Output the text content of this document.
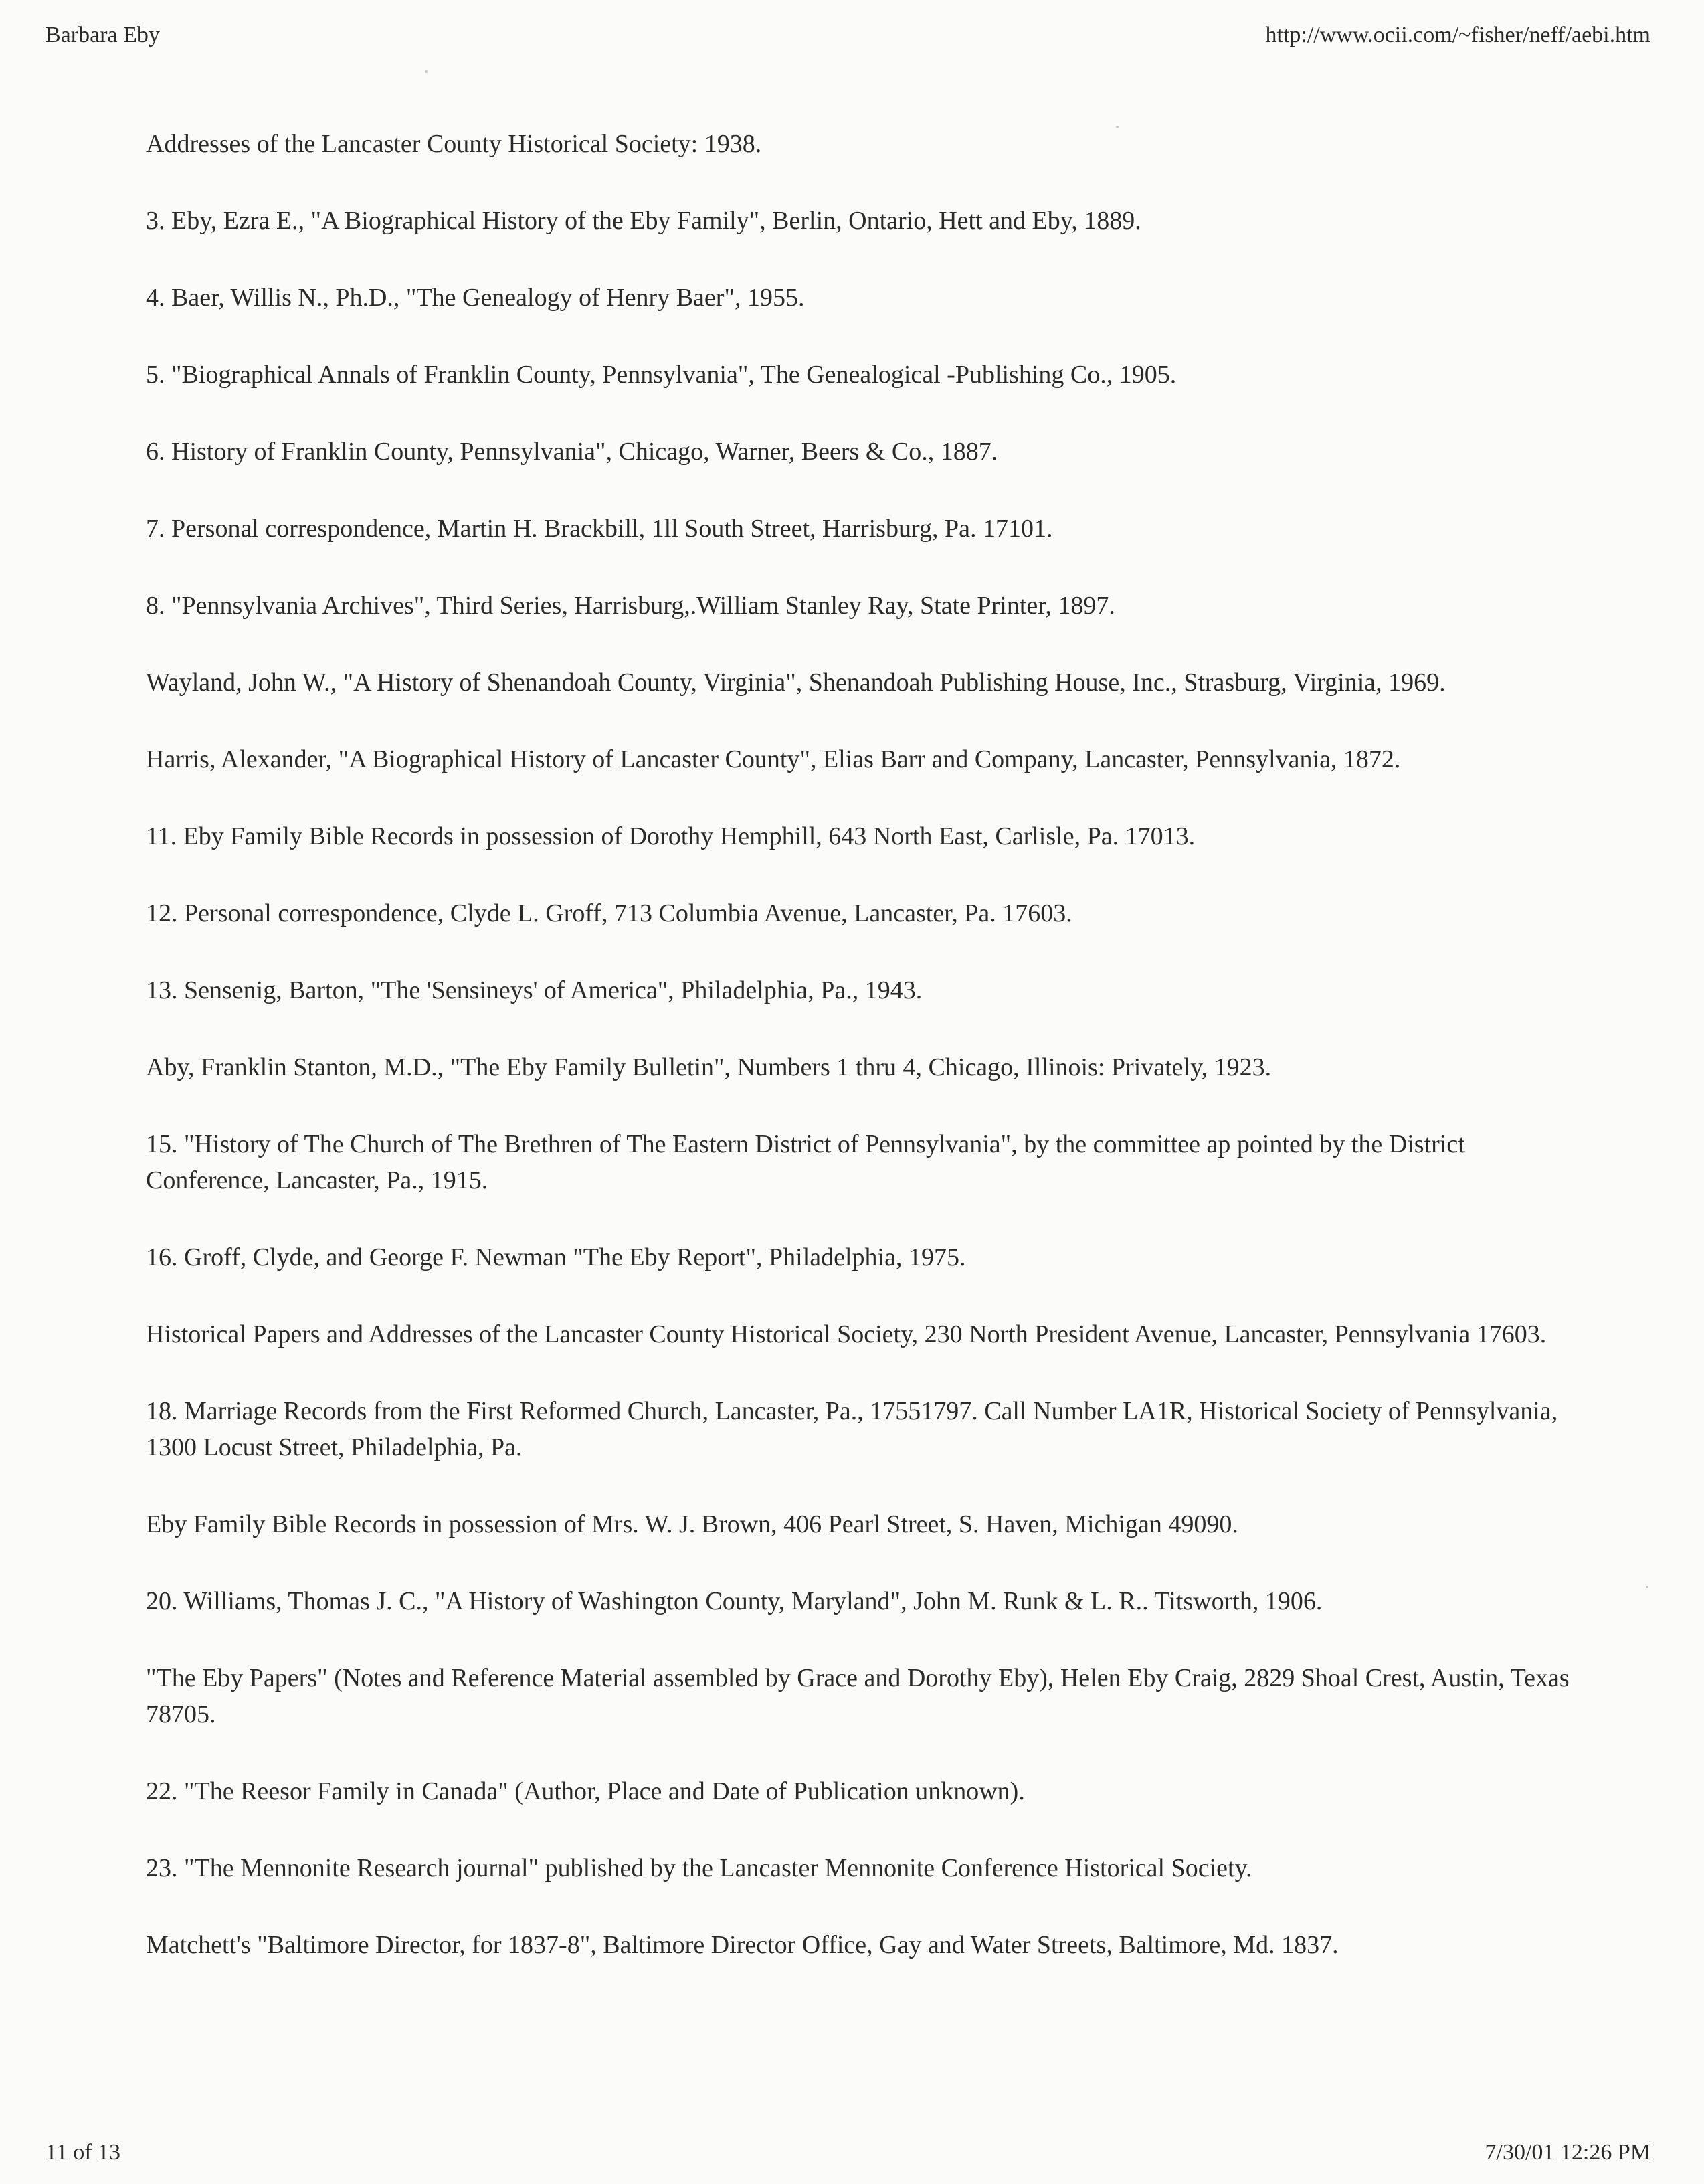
Barbara Eby	http://www.ocii.com/~fisher/neff/aebi.htm
Addresses of the Lancaster County Historical Society: 1938.
3. Eby, Ezra E., "A Biographical History of the Eby Family", Berlin, Ontario, Hett and Eby, 1889.
4. Baer, Willis N., Ph.D., "The Genealogy of Henry Baer", 1955.
5. "Biographical Annals of Franklin County, Pennsylvania", The Genealogical -Publishing Co., 1905.
6. History of Franklin County, Pennsylvania", Chicago, Warner, Beers & Co., 1887.
7. Personal correspondence, Martin H. Brackbill, 1ll South Street, Harrisburg, Pa. 17101.
8. "Pennsylvania Archives", Third Series, Harrisburg,.William Stanley Ray, State Printer, 1897.
Wayland, John W., "A History of Shenandoah County, Virginia", Shenandoah Publishing House, Inc., Strasburg, Virginia, 1969.
Harris, Alexander, "A Biographical History of Lancaster County", Elias Barr and Company, Lancaster, Pennsylvania, 1872.
11. Eby Family Bible Records in possession of Dorothy Hemphill, 643 North East, Carlisle, Pa. 17013.
12. Personal correspondence, Clyde L. Groff, 713 Columbia Avenue, Lancaster, Pa. 17603.
13. Sensenig, Barton, "The 'Sensineys' of America", Philadelphia, Pa., 1943.
Aby, Franklin Stanton, M.D., "The Eby Family Bulletin", Numbers 1 thru 4, Chicago, Illinois: Privately, 1923.
15. "History of The Church of The Brethren of The Eastern District of Pennsylvania", by the committee ap pointed by the District Conference, Lancaster, Pa., 1915.
16. Groff, Clyde, and George F. Newman "The Eby Report", Philadelphia, 1975.
Historical Papers and Addresses of the Lancaster County Historical Society, 230 North President Avenue, Lancaster, Pennsylvania 17603.
18. Marriage Records from the First Reformed Church, Lancaster, Pa., 17551797. Call Number LA1R, Historical Society of Pennsylvania, 1300 Locust Street, Philadelphia, Pa.
Eby Family Bible Records in possession of Mrs. W. J. Brown, 406 Pearl Street, S. Haven, Michigan 49090.
20. Williams, Thomas J. C., "A History of Washington County, Maryland", John M. Runk & L. R.. Titsworth, 1906.
"The Eby Papers" (Notes and Reference Material assembled by Grace and Dorothy Eby), Helen Eby Craig, 2829 Shoal Crest, Austin, Texas 78705.
22. "The Reesor Family in Canada" (Author, Place and Date of Publication unknown).
23. "The Mennonite Research journal" published by the Lancaster Mennonite Conference Historical Society.
Matchett's "Baltimore Director, for 1837-8", Baltimore Director Office, Gay and Water Streets, Baltimore, Md. 1837.
11 of 13	7/30/01 12:26 PM
